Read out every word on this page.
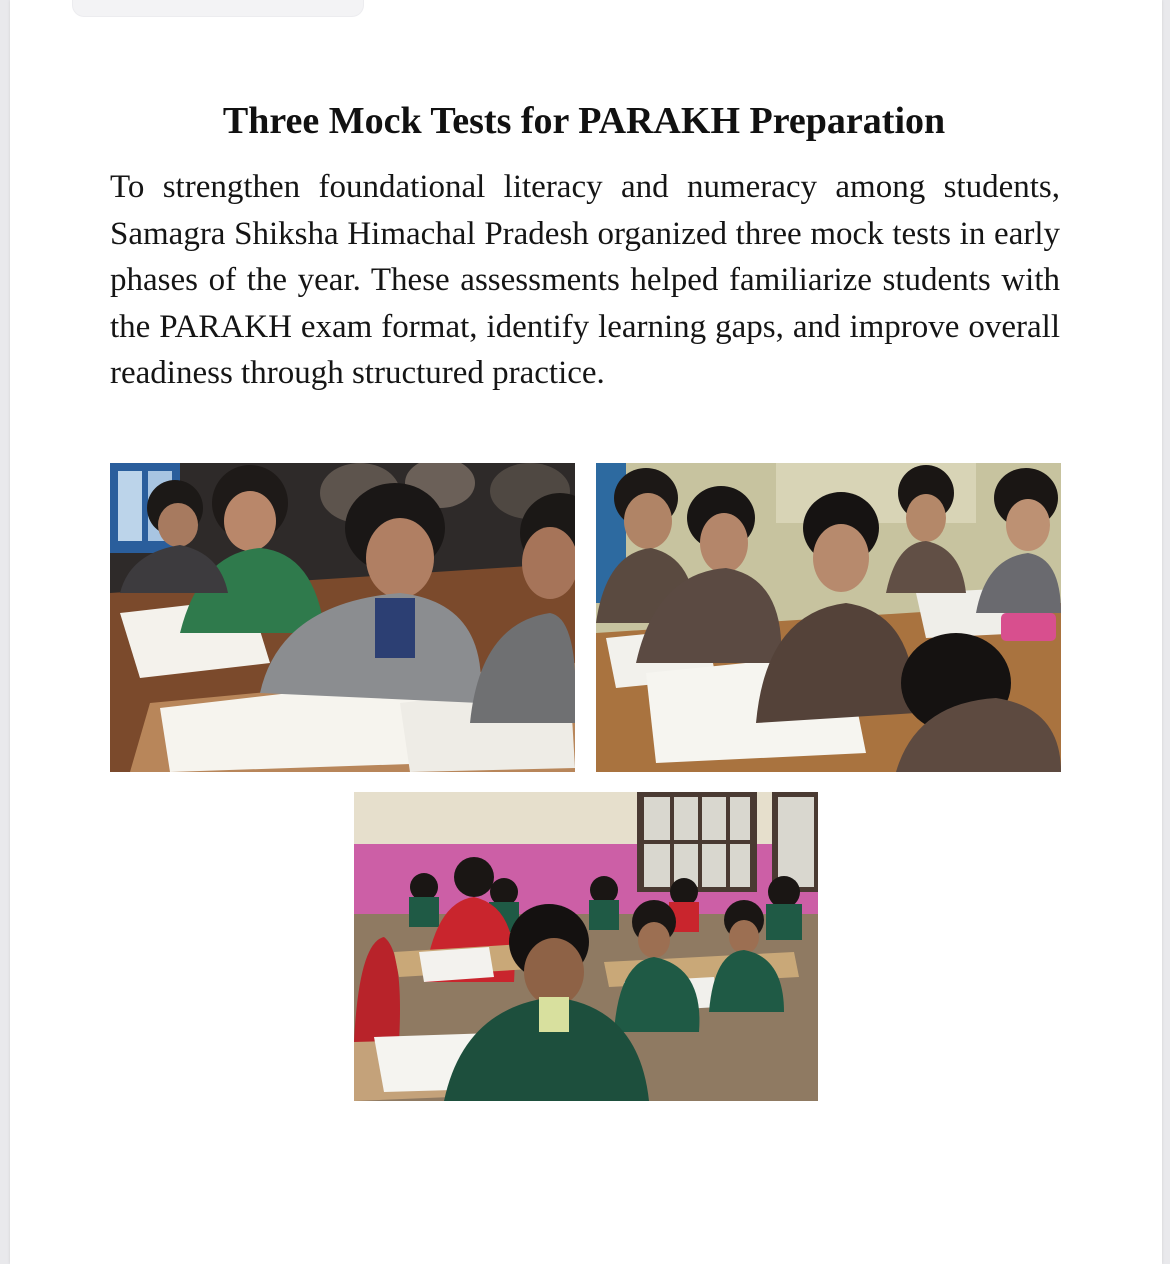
Three Mock Tests for PARAKH Preparation

To strengthen foundational literacy and numeracy among students, Samagra Shiksha Himachal Pradesh organized three mock tests in early phases of the year. These assessments helped familiarize students with the PARAKH exam format, identify learning gaps, and improve overall readiness through structured practice.
